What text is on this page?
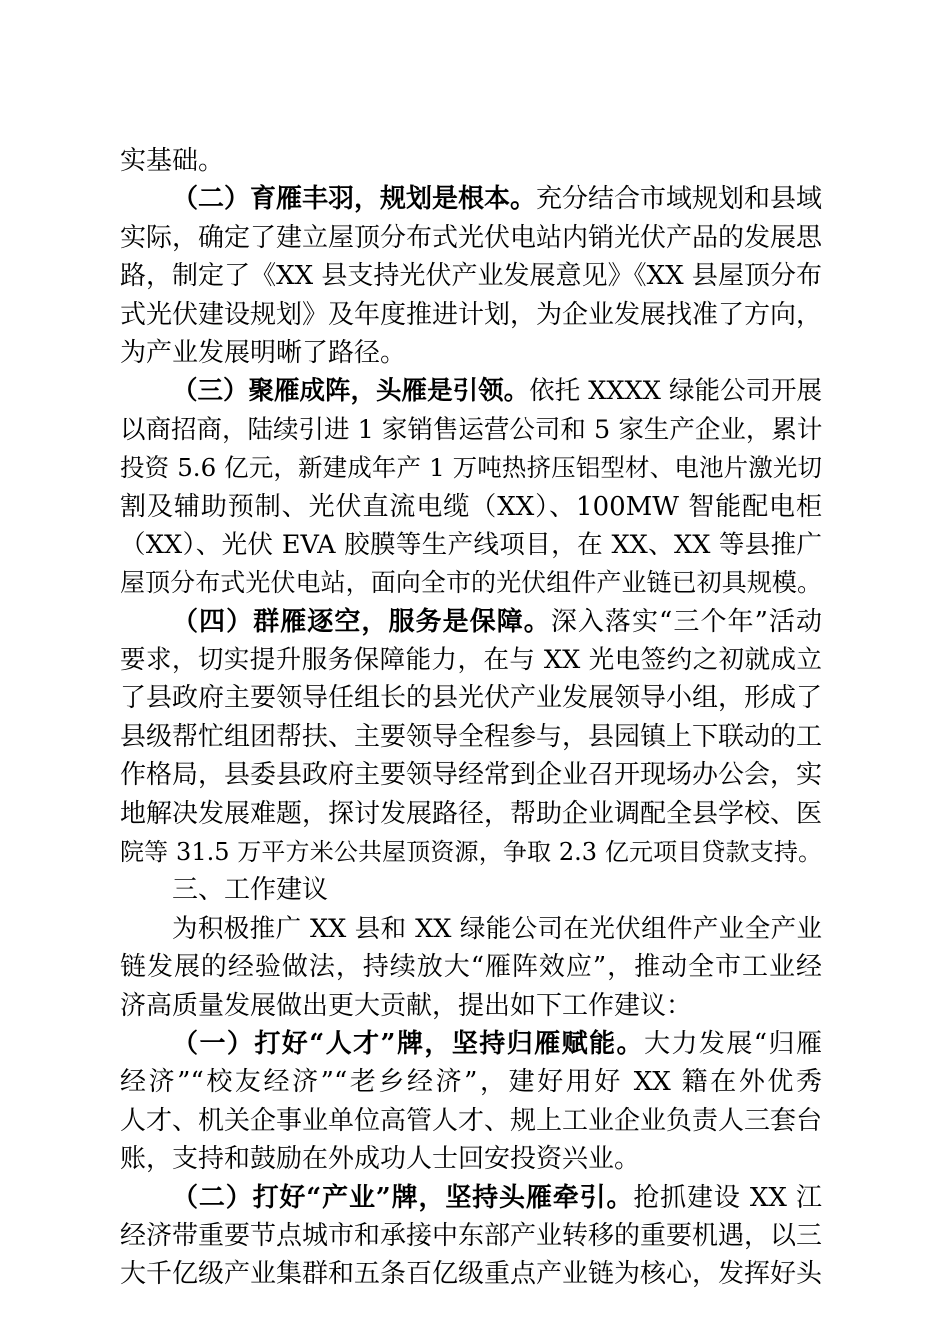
实基础。
（二）育雁丰羽，规划是根本。充分结合市域规划和县域
实际，确定了建立屋顶分布式光伏电站内销光伏产品的发展思
路，制定了《XX 县支持光伏产业发展意见》《XX 县屋顶分布
式光伏建设规划》及年度推进计划，为企业发展找准了方向，
为产业发展明晰了路径。
（三）聚雁成阵，头雁是引领。依托 XXXX 绿能公司开展
以商招商，陆续引进 1 家销售运营公司和 5 家生产企业，累计
投资 5.6 亿元，新建成年产 1 万吨热挤压铝型材、电池片激光切
割及辅助预制、光伏直流电缆（XX）、100MW 智能配电柜
（XX）、光伏 EVA 胶膜等生产线项目，在 XX、XX 等县推广
屋顶分布式光伏电站，面向全市的光伏组件产业链已初具规模。
（四）群雁逐空，服务是保障。深入落实“三个年”活动
要求，切实提升服务保障能力，在与 XX 光电签约之初就成立
了县政府主要领导任组长的县光伏产业发展领导小组，形成了
县级帮忙组团帮扶、主要领导全程参与，县园镇上下联动的工
作格局，县委县政府主要领导经常到企业召开现场办公会，实
地解决发展难题，探讨发展路径，帮助企业调配全县学校、医
院等 31.5 万平方米公共屋顶资源，争取 2.3 亿元项目贷款支持。
三、工作建议
为积极推广 XX 县和 XX 绿能公司在光伏组件产业全产业
链发展的经验做法，持续放大“雁阵效应”，推动全市工业经
济高质量发展做出更大贡献，提出如下工作建议：
（一）打好“人才”牌，坚持归雁赋能。大力发展“归雁
经济”“校友经济”“老乡经济”，建好用好 XX 籍在外优秀
人才、机关企事业单位高管人才、规上工业企业负责人三套台
账，支持和鼓励在外成功人士回安投资兴业。
（二）打好“产业”牌，坚持头雁牵引。抢抓建设 XX 江
经济带重要节点城市和承接中东部产业转移的重要机遇，以三
大千亿级产业集群和五条百亿级重点产业链为核心，发挥好头
